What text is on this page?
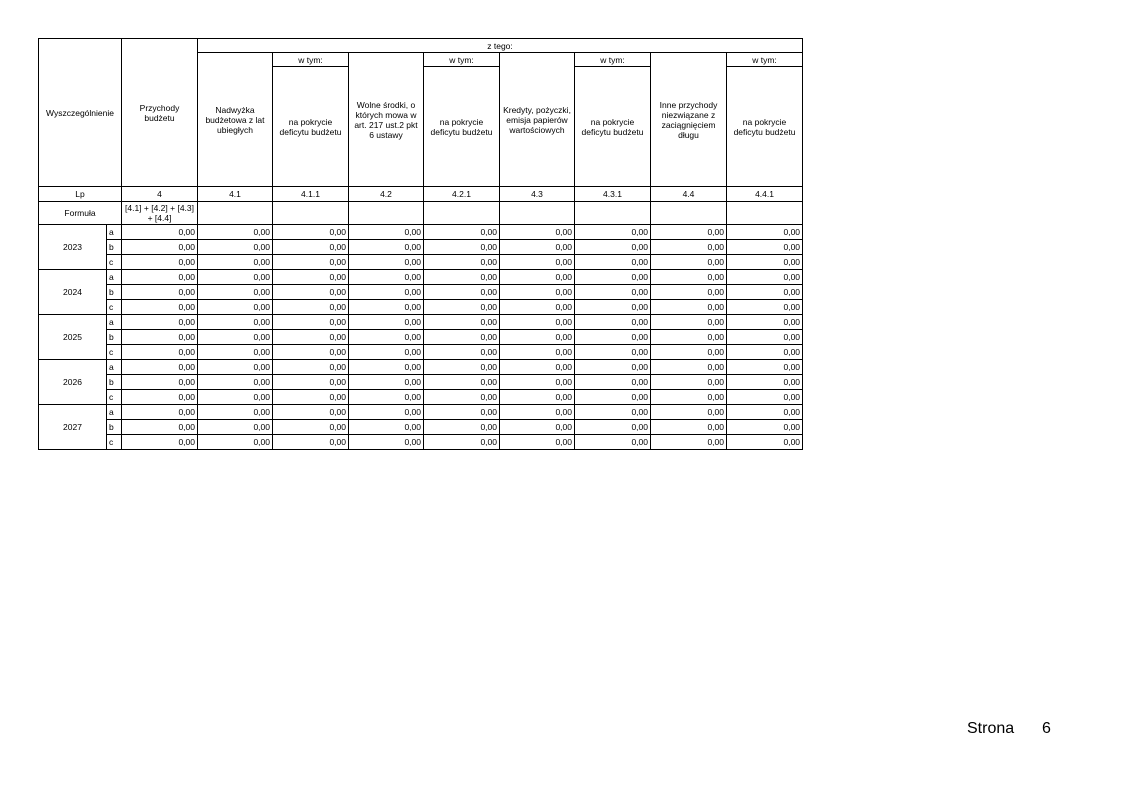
Wyszczególnienie		Przychody budżetu	z tego:							
			Nadwyżka budżetowa z lat ubiegłych	w tym:	Wolne środki, o których mowa w art. 217 ust.2 pkt 6 ustawy	w tym:	Kredyty, pożyczki, emisja papierów wartościowych	w tym:	Inne przychody niezwiązane z zaciągnięciem długu	w tym:
				na pokrycie deficytu budżetu		na pokrycie deficytu budżetu		na pokrycie deficytu budżetu		na pokrycie deficytu budżetu
Lp		4	4.1	4.1.1	4.2	4.2.1	4.3	4.3.1	4.4	4.4.1
Formuła		[4.1] + [4.2] + [4.3] + [4.4]								
2023	a	0,00	0,00	0,00	0,00	0,00	0,00	0,00	0,00	0,00
	b	0,00	0,00	0,00	0,00	0,00	0,00	0,00	0,00	0,00
	c	0,00	0,00	0,00	0,00	0,00	0,00	0,00	0,00	0,00
2024	a	0,00	0,00	0,00	0,00	0,00	0,00	0,00	0,00	0,00
	b	0,00	0,00	0,00	0,00	0,00	0,00	0,00	0,00	0,00
	c	0,00	0,00	0,00	0,00	0,00	0,00	0,00	0,00	0,00
2025	a	0,00	0,00	0,00	0,00	0,00	0,00	0,00	0,00	0,00
	b	0,00	0,00	0,00	0,00	0,00	0,00	0,00	0,00	0,00
	c	0,00	0,00	0,00	0,00	0,00	0,00	0,00	0,00	0,00
2026	a	0,00	0,00	0,00	0,00	0,00	0,00	0,00	0,00	0,00
	b	0,00	0,00	0,00	0,00	0,00	0,00	0,00	0,00	0,00
	c	0,00	0,00	0,00	0,00	0,00	0,00	0,00	0,00	0,00
2027	a	0,00	0,00	0,00	0,00	0,00	0,00	0,00	0,00	0,00
	b	0,00	0,00	0,00	0,00	0,00	0,00	0,00	0,00	0,00
	c	0,00	0,00	0,00	0,00	0,00	0,00	0,00	0,00	0,00
Strona 6
